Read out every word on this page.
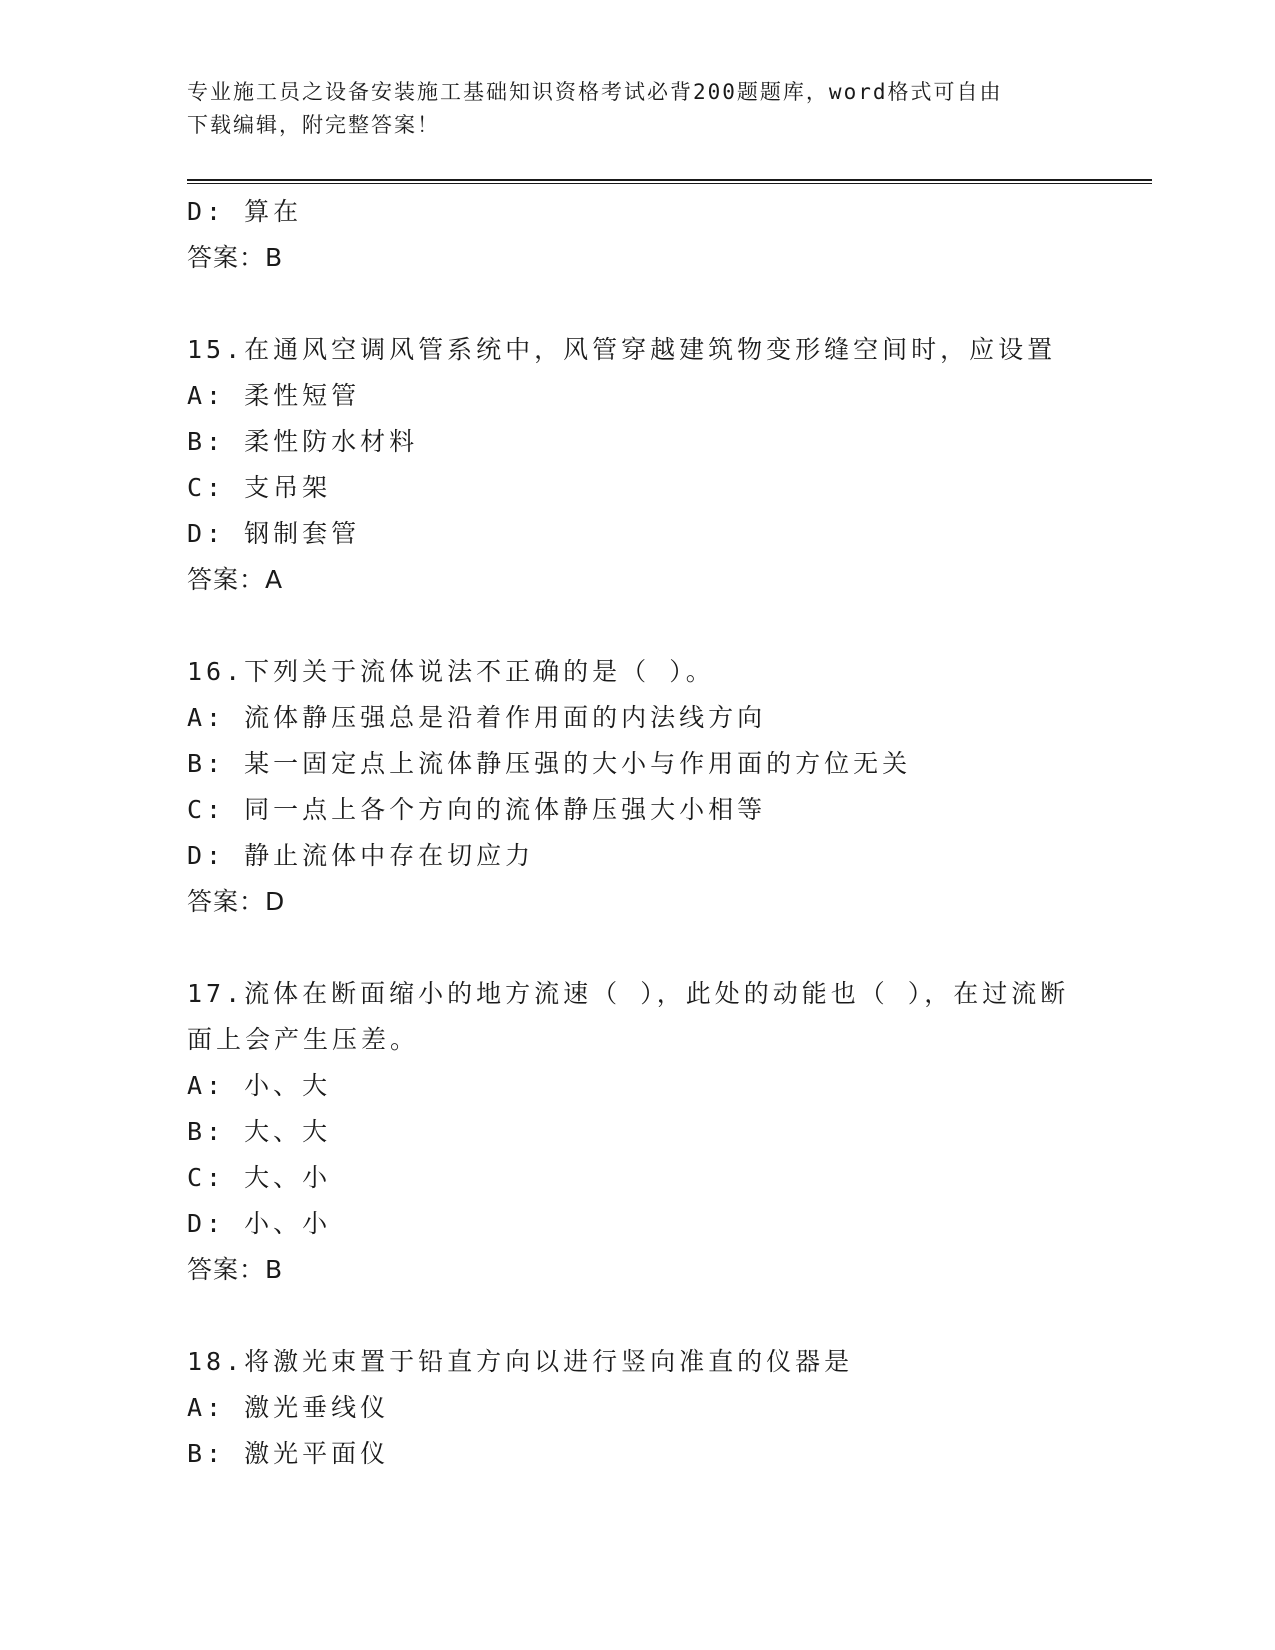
专业施工员之设备安装施工基础知识资格考试必背200题题库，word格式可自由
下载编辑，附完整答案！
D: 算在
答案：B
15.在通风空调风管系统中，风管穿越建筑物变形缝空间时，应设置
A: 柔性短管
B: 柔性防水材料
C: 支吊架
D: 钢制套管
答案：A
16.下列关于流体说法不正确的是（ ）。
A: 流体静压强总是沿着作用面的内法线方向
B: 某一固定点上流体静压强的大小与作用面的方位无关
C: 同一点上各个方向的流体静压强大小相等
D: 静止流体中存在切应力
答案：D
17.流体在断面缩小的地方流速（ ），此处的动能也（ ），在过流断
面上会产生压差。
A: 小、大
B: 大、大
C: 大、小
D: 小、小
答案：B
18.将激光束置于铅直方向以进行竖向准直的仪器是
A: 激光垂线仪
B: 激光平面仪
